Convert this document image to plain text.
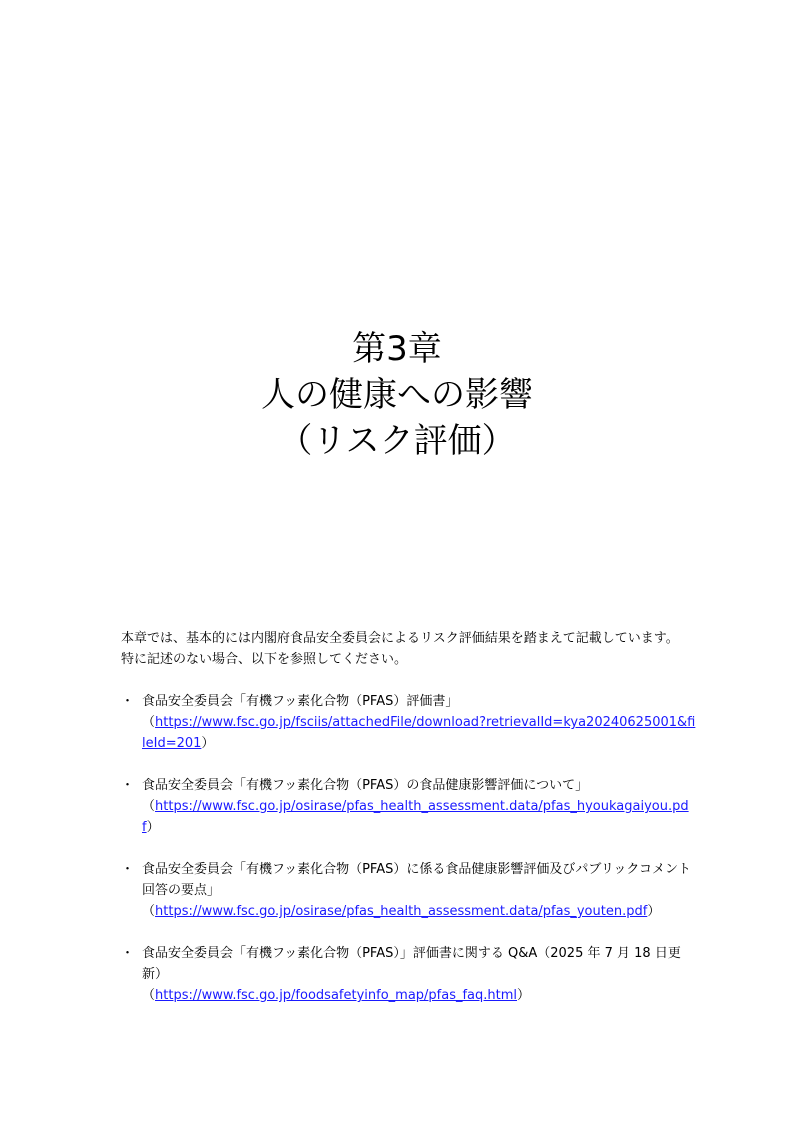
第3章
人の健康への影響
（リスク評価）

本章では、基本的には内閣府食品安全委員会によるリスク評価結果を踏まえて記載しています。

特に記述のない場合、以下を参照してください。

・ 食品安全委員会「有機フッ素化合物（PFAS）評価書」
（https://www.fsc.go.jp/fsciis/attachedFile/download?retrievalId=kya20240625001&fileId=201）
・ 食品安全委員会「有機フッ素化合物（PFAS）の食品健康影響評価について」
（https://www.fsc.go.jp/osirase/pfas_health_assessment.data/pfas_hyoukagaiyou.pdf）
・ 食品安全委員会「有機フッ素化合物（PFAS）に係る食品健康影響評価及びパブリックコメント回答の要点」
（https://www.fsc.go.jp/osirase/pfas_health_assessment.data/pfas_youten.pdf）
・ 食品安全委員会「有機フッ素化合物（PFAS）」評価書に関する Q&A（2025 年 7 月 18 日更新）
（https://www.fsc.go.jp/foodsafetyinfo_map/pfas_faq.html）
